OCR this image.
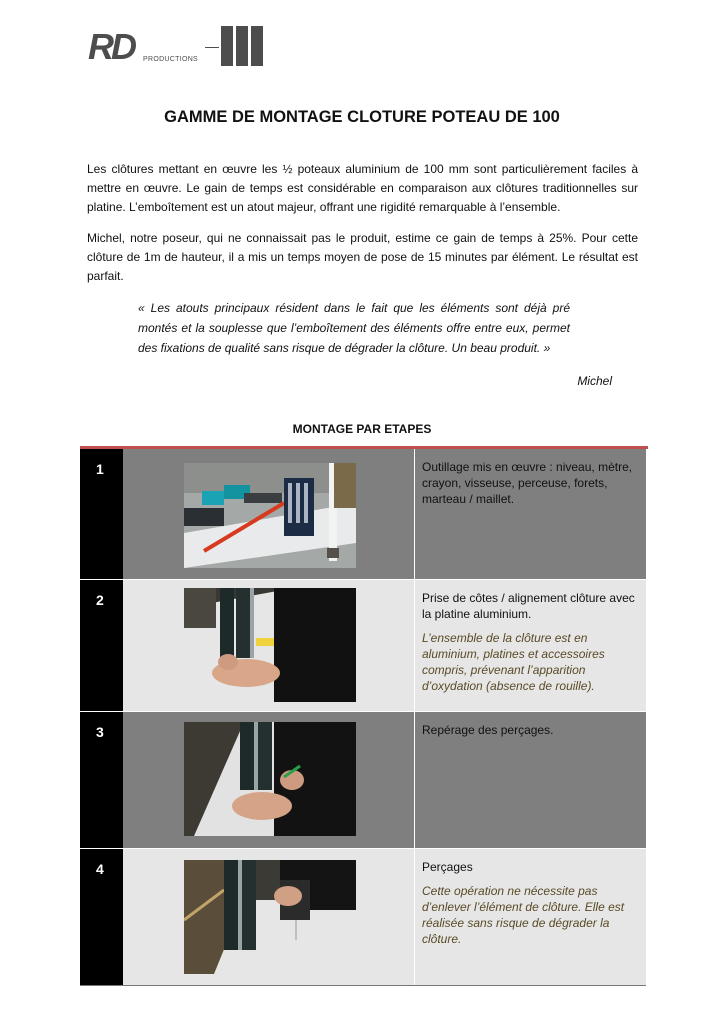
RD PRODUCTIONS
GAMME DE MONTAGE CLOTURE POTEAU DE 100

Les clôtures mettant en œuvre les ½ poteaux aluminium de 100 mm sont particulièrement faciles à mettre en œuvre. Le gain de temps est considérable en comparaison aux clôtures traditionnelles sur platine. L’emboîtement est un atout majeur, offrant une rigidité remarquable à l’ensemble.

Michel, notre poseur, qui ne connaissait pas le produit, estime ce gain de temps à 25%. Pour cette clôture de 1m de hauteur, il a mis un temps moyen de pose de 15 minutes par élément. Le résultat est parfait.

« Les atouts principaux résident dans le fait que les éléments sont déjà pré montés et la souplesse que l’emboîtement des éléments offre entre eux, permet des fixations de qualité sans risque de dégrader la clôture. Un beau produit. »

Michel
MONTAGE PAR ETAPES
1	Outillage mis en œuvre : niveau, mètre, crayon, visseuse, perceuse, forets, marteau / maillet.
2	Prise de côtes / alignement clôture avec la platine aluminium.
L’ensemble de la clôture est en aluminium, platines et accessoires compris, prévenant l’apparition d’oxydation (absence de rouille).
3	Repérage des perçages.
4	Perçages
Cette opération ne nécessite pas d’enlever l’élément de clôture. Elle est réalisée sans risque de dégrader la clôture.
